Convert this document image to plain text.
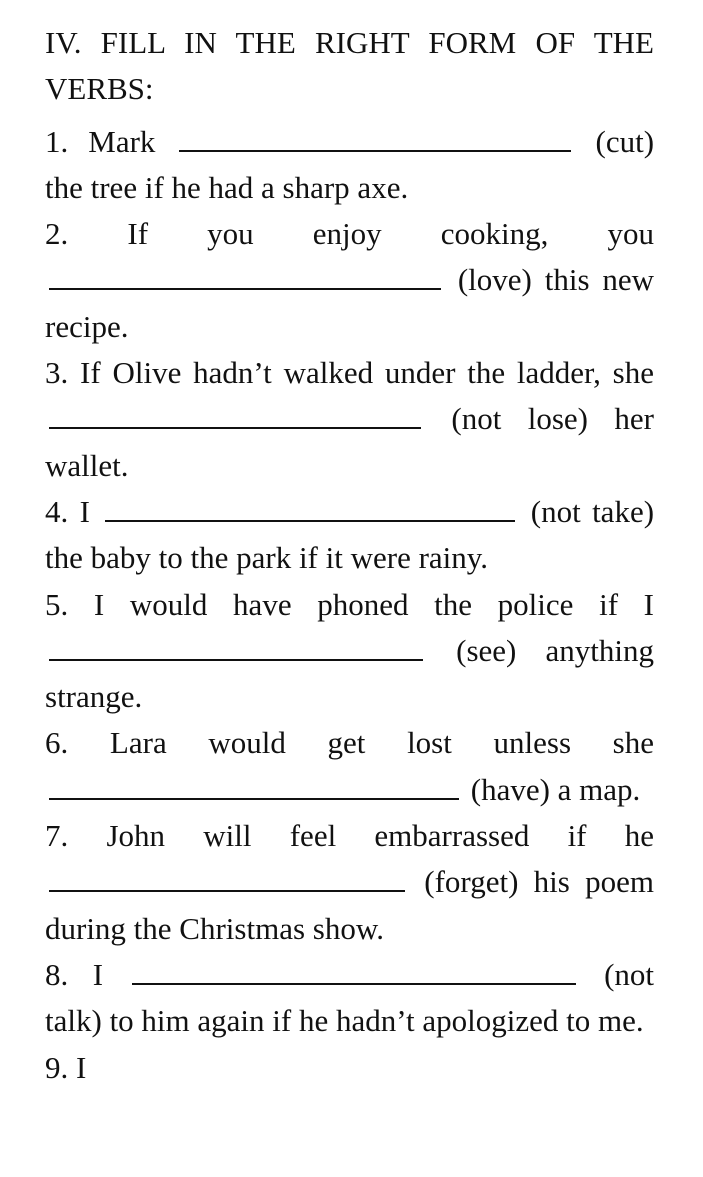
IV. FILL IN THE RIGHT FORM OF THE VERBS:

1. Mark	(cut) the tree if he had a sharp axe.

2. If you enjoy cooking, you  (love) this new recipe.

3. If Olive hadn’t walked under the ladder, she  (not lose) her wallet.

4. I	(not take) the baby to the park if it were rainy.

5. I would have phoned the police if I  (see) anything strange.

6. Lara would get lost unless she  (have) a map.

7. John will feel embarrassed if he  (forget) his poem during the Christmas show.

8. I	(not talk) to him again if he hadn’t apologized to me.

9. I
